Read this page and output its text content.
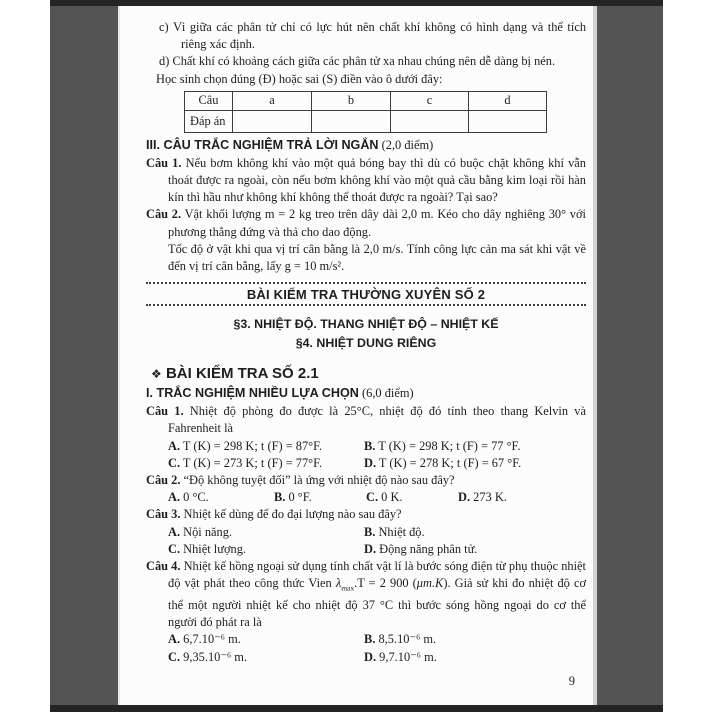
c) Vì giữa các phân tử chỉ có lực hút nên chất khí không có hình dạng và thể tích riêng xác định.

d) Chất khí có khoảng cách giữa các phân tử xa nhau chúng nên dễ dàng bị nén.

Học sinh chọn đúng (Đ) hoặc sai (S) điền vào ô dưới đây:

Câu	a	b	c	d
Đáp án				

III. CÂU TRẮC NGHIỆM TRẢ LỜI NGẮN (2,0 điểm)

Câu 1. Nếu bơm không khí vào một quả bóng bay thì dù có buộc chặt không khí vẫn thoát được ra ngoài, còn nếu bơm không khí vào một quả cầu bằng kim loại rồi hàn kín thì hầu như không khí không thể thoát được ra ngoài? Tại sao?

Câu 2. Vật khối lượng m = 2 kg treo trên dây dài 2,0 m. Kéo cho dây nghiêng 30° với phương thẳng đứng và thả cho dao động.

Tốc độ ở vật khi qua vị trí cân bằng là 2,0 m/s. Tính công lực cản ma sát khi vật về đến vị trí cân bằng, lấy g = 10 m/s².

BÀI KIỂM TRA THƯỜNG XUYÊN SỐ 2
§3. NHIỆT ĐỘ. THANG NHIỆT ĐỘ – NHIỆT KẾ
§4. NHIỆT DUNG RIÊNG
❖ BÀI KIỂM TRA SỐ 2.1

I. TRẮC NGHIỆM NHIỀU LỰA CHỌN (6,0 điểm)

Câu 1. Nhiệt độ phòng đo được là 25°C, nhiệt độ đó tính theo thang Kelvin và Fahrenheit là

A. T (K) = 298 K; t (F) = 87°F.	B. T (K) = 298 K; t (F) = 77 °F.
C. T (K) = 273 K; t (F) = 77°F.	D. T (K) = 278 K; t (F) = 67 °F.

Câu 2. “Độ không tuyệt đối” là ứng với nhiệt độ nào sau đây?

A. 0 °C.	B. 0 °F.	C. 0 K.	D. 273 K.

Câu 3. Nhiệt kế dùng để đo đại lượng nào sau đây?

A. Nội năng.	B. Nhiệt độ.
C. Nhiệt lượng.	D. Động năng phân tử.

Câu 4. Nhiệt kế hồng ngoại sử dụng tính chất vật lí là bước sóng điện từ phụ thuộc nhiệt độ vật phát theo công thức Vien $\lambda_{max}.T = 2$ 900 (μm.K). Giả sử khi đo nhiệt độ cơ thể một người nhiệt kế cho nhiệt độ 37 °C thì bước sóng hồng ngoại do cơ thể người đó phát ra là

A. 6,7.10⁻⁶ m.	B. 8,5.10⁻⁶ m.
C. 9,35.10⁻⁶ m.	D. 9,7.10⁻⁶ m.
9
